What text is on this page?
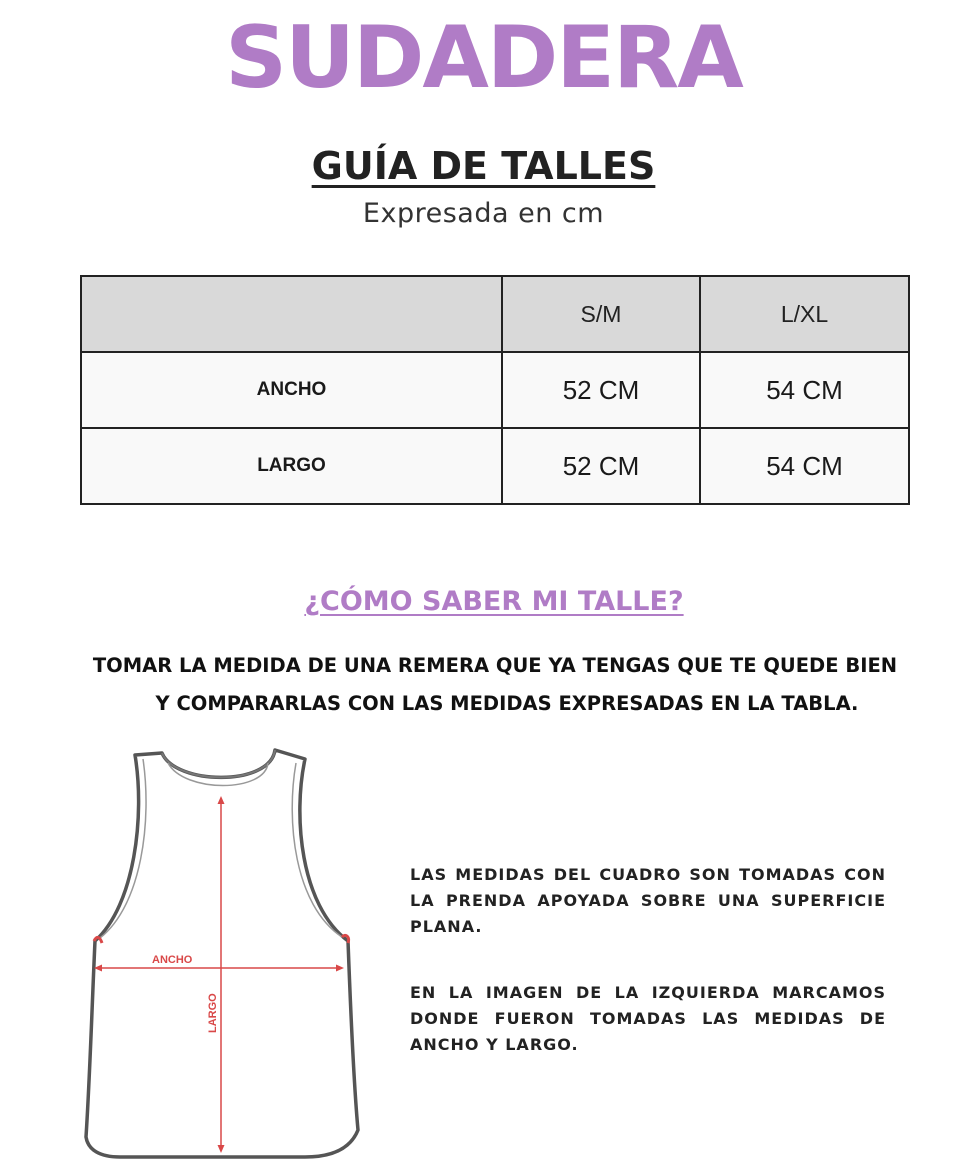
SUDADERA
GUÍA DE TALLES
Expresada en cm
	S/M	L/XL
ANCHO	52 CM	54 CM
LARGO	52 CM	54 CM
¿CÓMO SABER MI TALLE?
TOMAR LA MEDIDA DE UNA REMERA QUE YA TENGAS QUE TE QUEDE BIEN
Y COMPARARLAS CON LAS MEDIDAS EXPRESADAS EN LA TABLA.
ANCHO
LARGO
LAS MEDIDAS DEL CUADRO SON TOMADAS CON LA PRENDA APOYADA SOBRE UNA SUPERFICIE PLANA.
EN LA IMAGEN DE LA IZQUIERDA MARCAMOS DONDE FUERON TOMADAS LAS MEDIDAS DE ANCHO Y LARGO.
